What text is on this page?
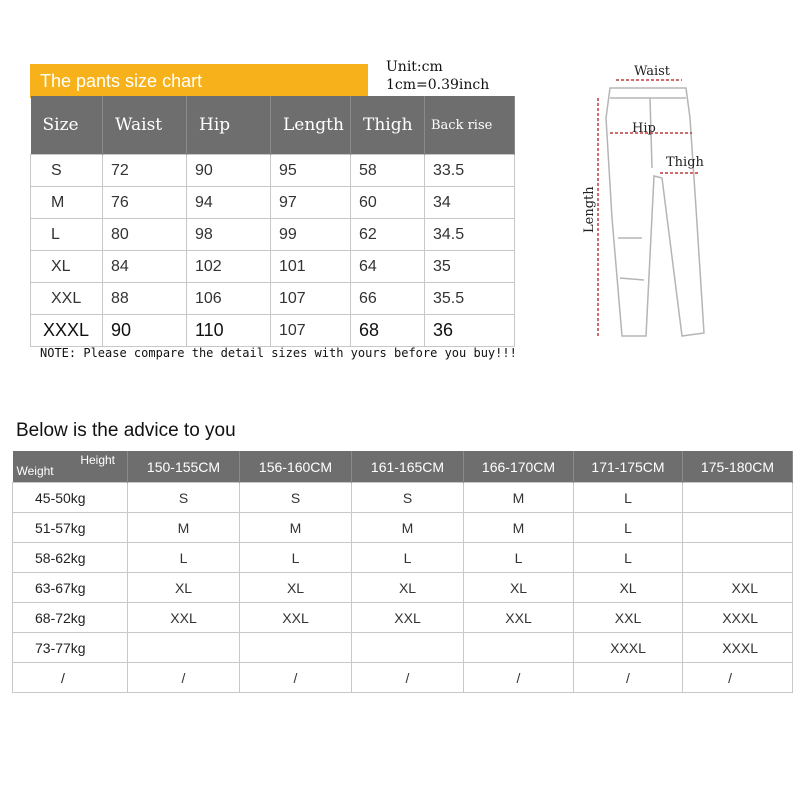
The pants size chart
Unit:cm
1cm=0.39inch
Size	Waist	Hip	Length	Thigh	Back rise
S	72	90	95	58	33.5
M	76	94	97	60	34
L	80	98	99	62	34.5
XL	84	102	101	64	35
XXL	88	106	107	66	35.5
XXXL	90	110	107	68	36
NOTE: Please compare the detail sizes with yours before you buy!!!
Waist
Hip
Thigh
Length
Below is the advice to you
Weight
Height	150-155CM	156-160CM	161-165CM	166-170CM	171-175CM	175-180CM
45-50kg	S	S	S	M	L	
51-57kg	M	M	M	M	L	
58-62kg	L	L	L	L	L	
63-67kg	XL	XL	XL	XL	XL	XXL
68-72kg	XXL	XXL	XXL	XXL	XXL	XXXL
73-77kg					XXXL	XXXL
/	/	/	/	/	/	/
